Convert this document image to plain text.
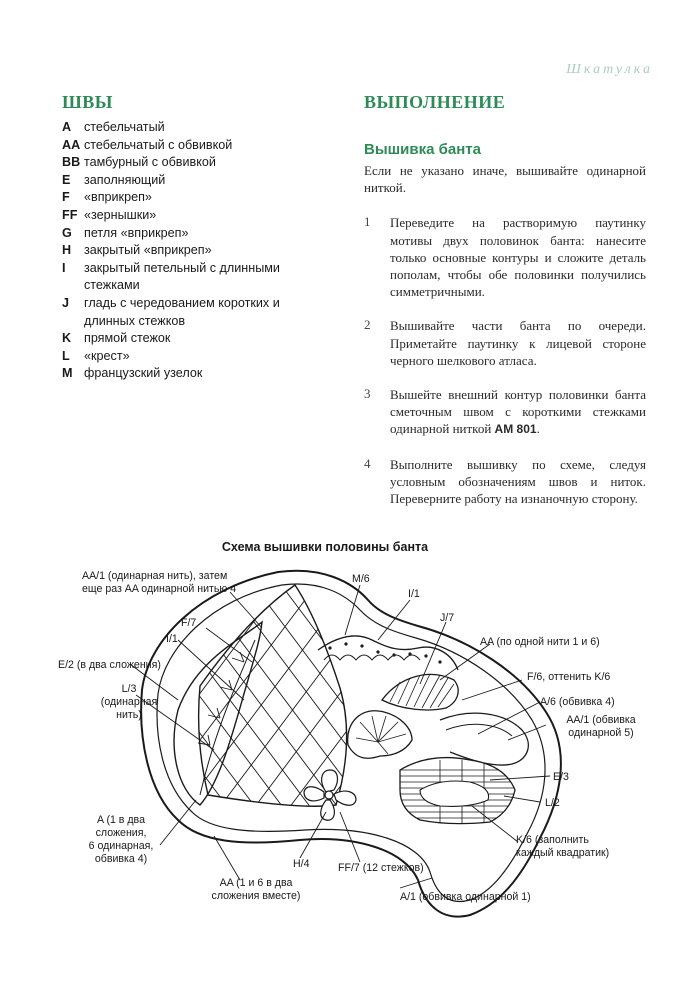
Шкатулка
ШВЫ
A	стебельчатый
AA стебельчатый с обвивкой
BB тамбурный с обвивкой
E	заполняющий
F	«вприкреп»
FF «зернышки»
G петля «вприкреп»
H	закрытый «вприкреп»
I	закрытый петельный с длинными стежками
J	гладь с чередованием коротких и длинных стежков
K	прямой стежок
L	«крест»
M французский узелок
ВЫПОЛНЕНИЕ
Вышивка банта

Если не указано иначе, вышивайте одинарной ниткой.

1	Переведите на растворимую паутинку мотивы двух половинок банта: нанесите только основные контуры и сложите деталь пополам, чтобы обе половинки получились симметричными.

2	Вышивайте части банта по очереди. Приметайте паутинку к лицевой стороне черного шелкового атласа.

3	Вышейте внешний контур половинки банта сметочным швом с короткими стежками одинарной ниткой AM 801.

4	Выполните вышивку по схеме, следуя условным обозначениям швов и ниток. Переверните работу на изнаночную сторону.

Схема вышивки половины банта
AA/1 (одинарная нить), затем
еще раз AA одинарной нитью 4
M/6
I/1
F/7	J/7
I/1	AA (по одной нити 1 и 6)
E/2 (в два сложения)
L/3
(одинарная
нить)
F/6, оттенить K/6
A/6 (обвивка 4)
AA/1 (обвивка
одинарной 5)
E/3
L/2
A (1 в два
сложения,
6 одинарная,
обвивка 4)
K/6 (заполнить
каждый квадратик)
H/4	FF/7 (12 стежков)
AA (1 и 6 в два
сложения вместе)	A/1 (обвивка одинарной 1)
